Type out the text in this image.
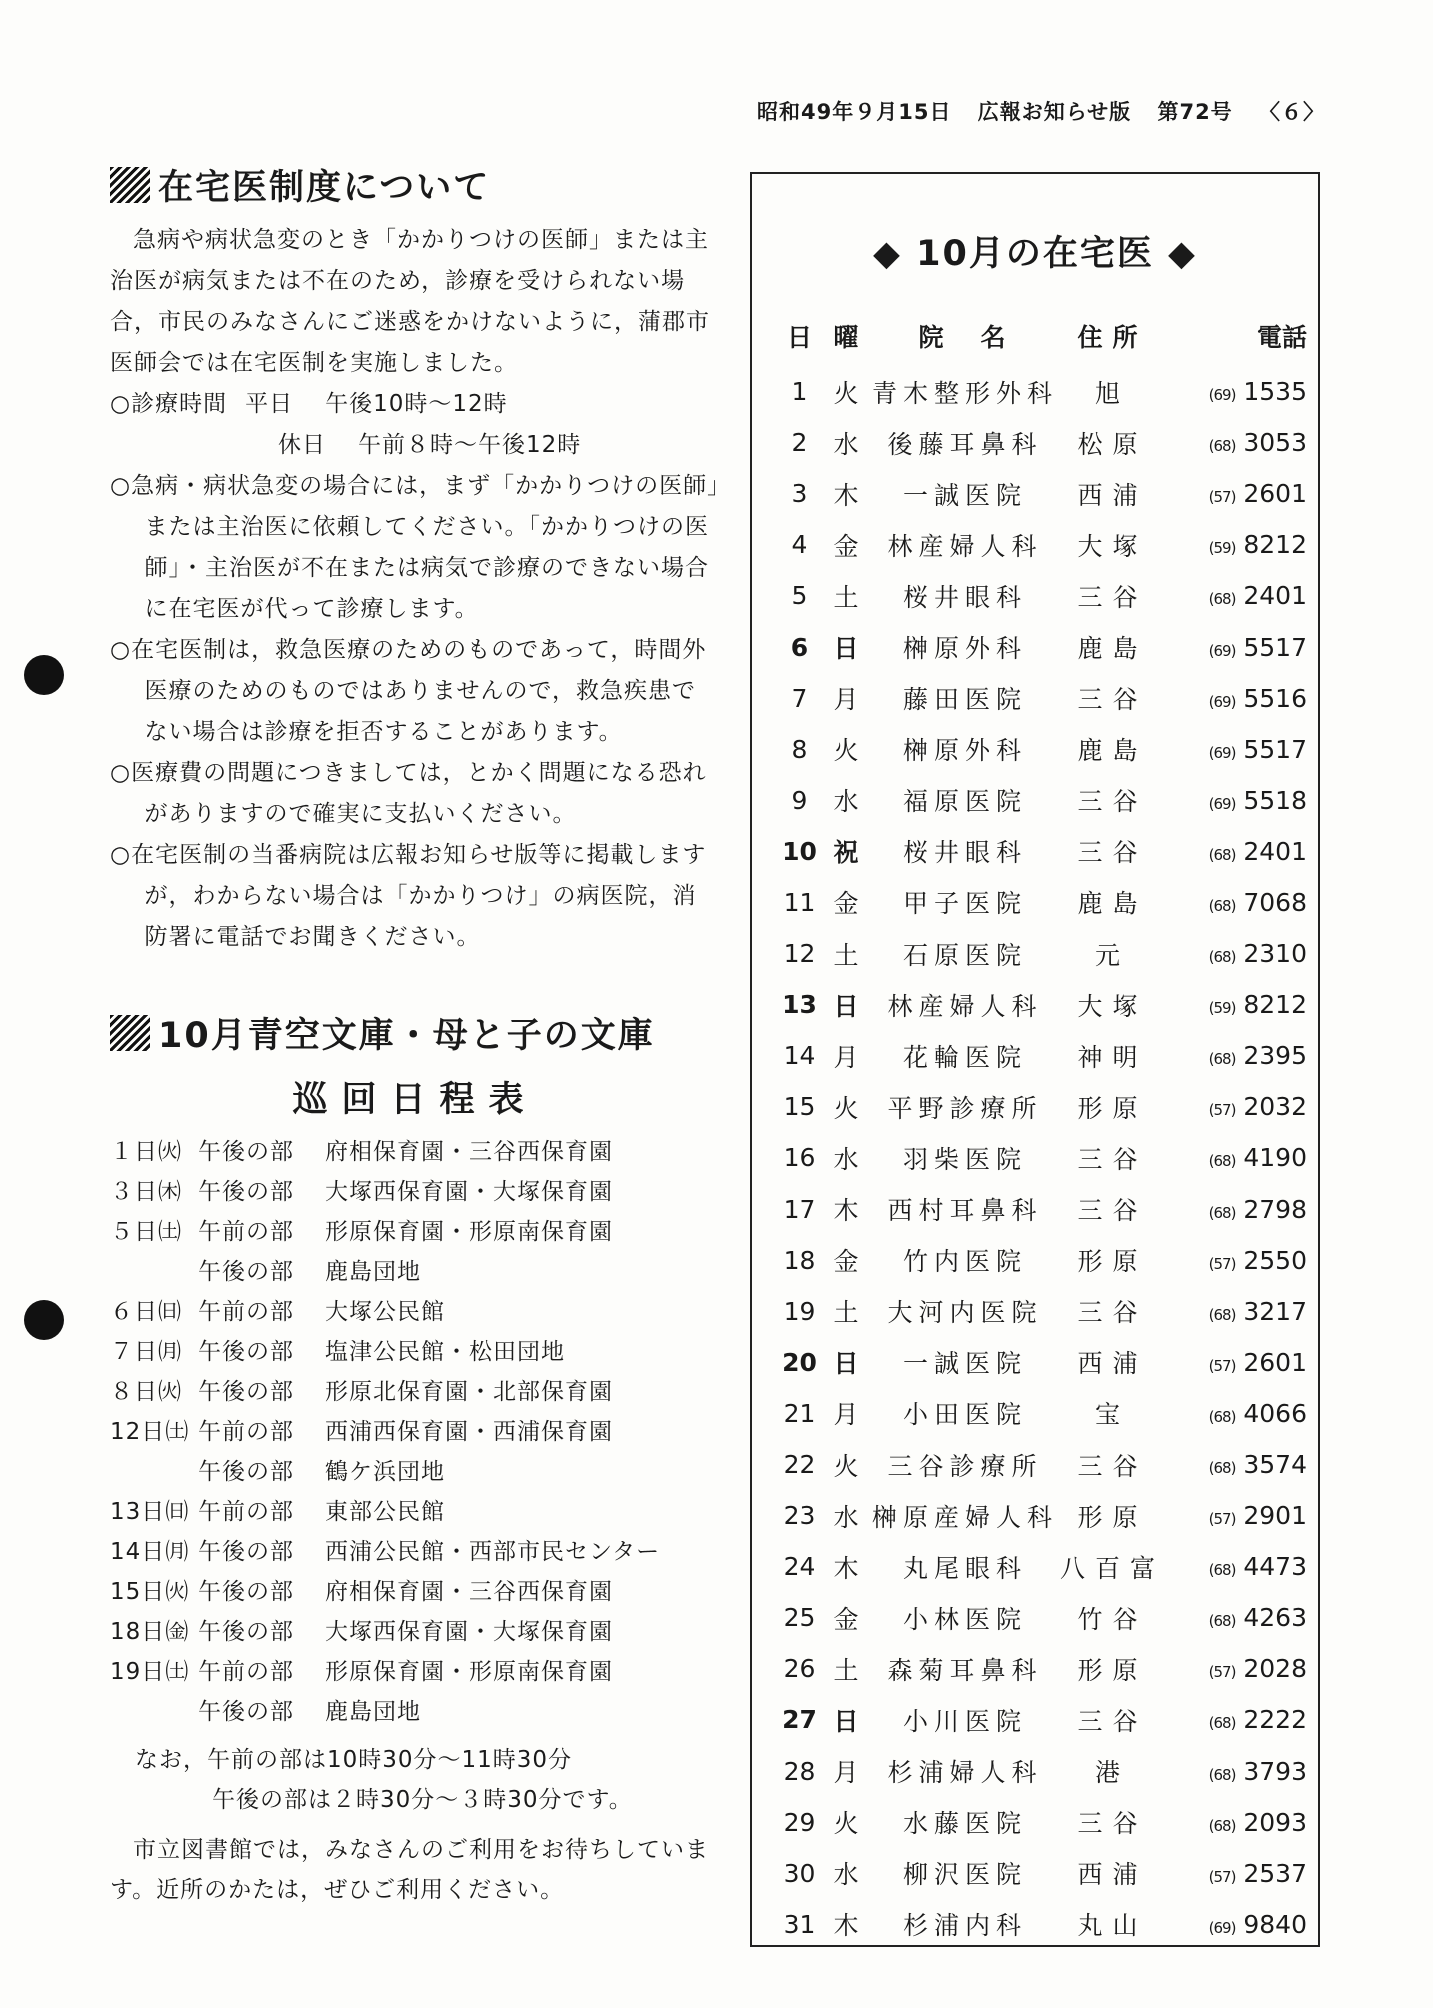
昭和49年９月15日 広報お知らせ版 第72号 〈６〉
在宅医制度について

急病や病状急変のとき「かかりつけの医師」または主治医が病気または不在のため，診療を受けられない場合，市民のみなさんにご迷惑をかけないように，蒲郡市医師会では在宅医制を実施しました。

○診療時間 平日 午後10時〜12時
休日 午前８時〜午後12時

○急病・病状急変の場合には，まず「かかりつけの医師」または主治医に依頼してください。「かかりつけの医師」・主治医が不在または病気で診療のできない場合に在宅医が代って診療します。

○在宅医制は，救急医療のためのものであって，時間外医療のためのものではありませんので，救急疾患でない場合は診療を拒否することがあります。

○医療費の問題につきましては，とかく問題になる恐れがありますので確実に支払いください。

○在宅医制の当番病院は広報お知らせ版等に掲載しますが，わからない場合は「かかりつけ」の病医院，消防署に電話でお聞きください。

10月青空文庫・母と子の文庫
巡回日程表
１日㈫ 午後の部	府相保育園・三谷西保育園
３日㈭ 午後の部	大塚西保育園・大塚保育園
５日㈯ 午前の部	形原保育園・形原南保育園
午後の部	鹿島団地
６日㈰ 午前の部	大塚公民館
７日㈪ 午後の部	塩津公民館・松田団地
８日㈫ 午後の部	形原北保育園・北部保育園
12日㈯ 午前の部	西浦西保育園・西浦保育園
午後の部	鶴ケ浜団地
13日㈰ 午前の部	東部公民館
14日㈪ 午後の部	西浦公民館・西部市民センター
15日㈫ 午後の部	府相保育園・三谷西保育園
18日㈮ 午後の部	大塚西保育園・大塚保育園
19日㈯ 午前の部	形原保育園・形原南保育園
午後の部	鹿島団地
なお，午前の部は10時30分〜11時30分
午後の部は２時30分〜３時30分です。
市立図書館では，みなさんのご利用をお待ちしています。近所のかたは，ぜひご利用ください。
◆ 10月の在宅医 ◆
日 曜	院　名	住所	電話
1	火 青木整形外科	旭	(69) 1535
2	水	後藤耳鼻科	松原	(68) 3053
3	木	一誠医院	西浦	(57) 2601
4	金	林産婦人科	大塚	(59) 8212
5	土	桜井眼科	三谷	(68) 2401
6	日	榊原外科	鹿島	(69) 5517
7	月	藤田医院	三谷	(69) 5516
8	火	榊原外科	鹿島	(69) 5517
9	水	福原医院	三谷	(69) 5518
10 祝	桜井眼科	三谷	(68) 2401
11 金	甲子医院	鹿島	(68) 7068
12 土	石原医院	元	(68) 2310
13 日	林産婦人科	大塚	(59) 8212
14 月	花輪医院	神明	(68) 2395
15 火	平野診療所	形原	(57) 2032
16 水	羽柴医院	三谷	(68) 4190
17 木	西村耳鼻科	三谷	(68) 2798
18 金	竹内医院	形原	(57) 2550
19 土	大河内医院	三谷	(68) 3217
20 日	一誠医院	西浦	(57) 2601
21 月	小田医院	宝	(68) 4066
22 火	三谷診療所	三谷	(68) 3574
23 水 榊原産婦人科 形原	(57) 2901
24 木	丸尾眼科	八百富	(68) 4473
25 金	小林医院	竹谷	(68) 4263
26 土	森菊耳鼻科	形原	(57) 2028
27 日	小川医院	三谷	(68) 2222
28 月	杉浦婦人科	港	(68) 3793
29 火	水藤医院	三谷	(68) 2093
30 水	柳沢医院	西浦	(57) 2537
31 木	杉浦内科	丸山	(69) 9840
